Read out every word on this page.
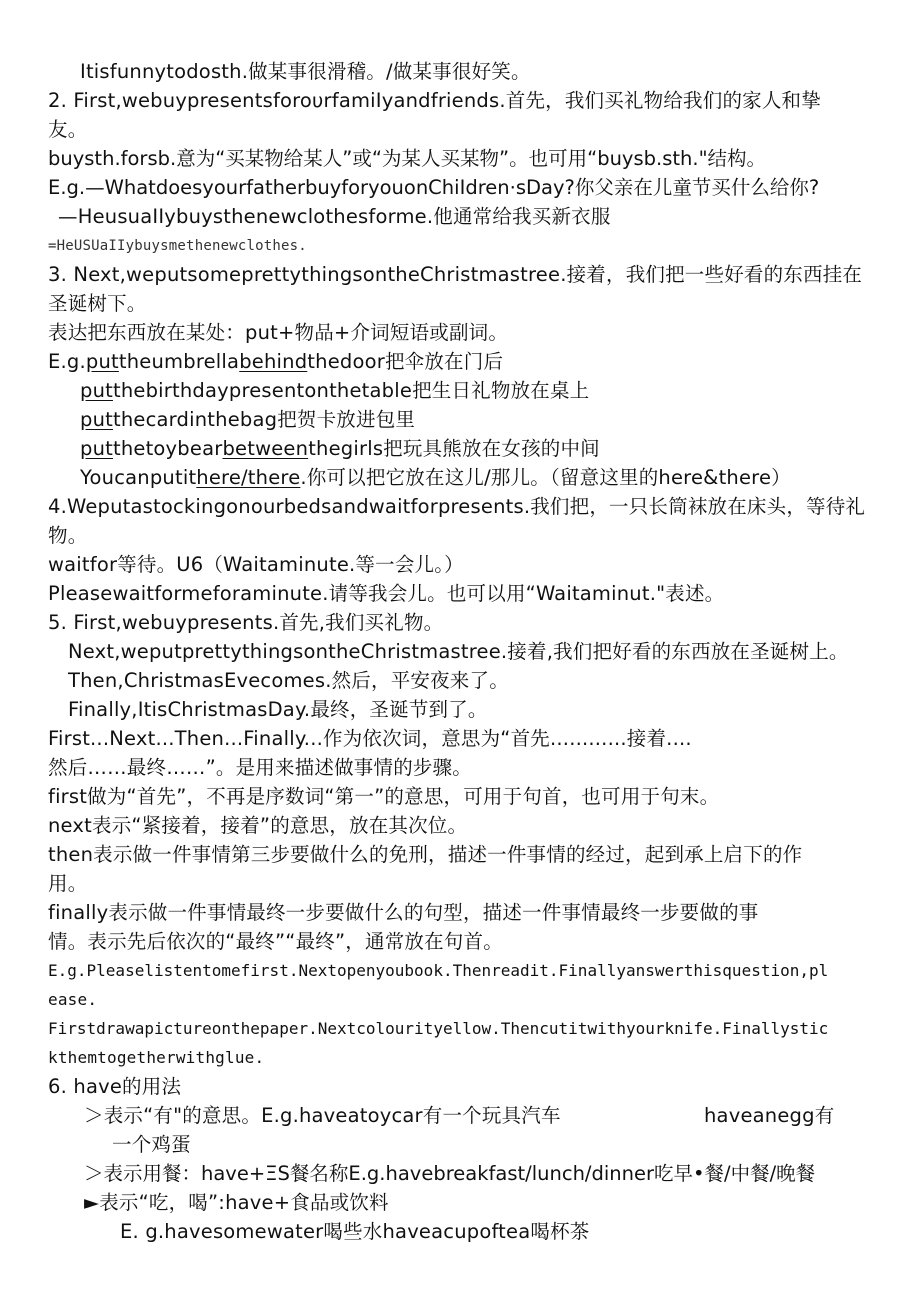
Itisfunnytodosth.做某事很滑稽。/做某事很好笑。
2. First,webuypresentsforoυrfamiIyandfriends.首先，我们买礼物给我们的家人和挚
友。
buysth.forsb.意为“买某物给某人”或“为某人买某物”。也可用“buysb.sth."结构。
E.g.—WhatdoesyourfatherbuyforyouonChiIdren·sDay?你父亲在儿童节买什么给你?
—HeusuaIIybuysthenewclothesforme.他通常给我买新衣服
=HeUSUaIIybuysmethenewclothes.
3. Next,weputsomeprettythingsontheChristmastree.接着，我们把一些好看的东西挂在
圣诞树下。
表达把东西放在某处：put+物品+介词短语或副词。
E.g.puttheumbrellabehindthedoor把伞放在门后
putthebirthdaypresentonthetable把生日礼物放在桌上
putthecardinthebag把贺卡放进包里
putthetoybearbetweenthegirls把玩具熊放在女孩的中间
Youcanputithere/there.你可以把它放在这儿/那儿。（留意这里的here&there）
4.Weputastockingonourbedsandwaitforpresents.我们把，一只长筒袜放在床头，等待礼
物。
waitfor等待。U6（Waitaminute.等一会儿。）
Pleasewaitformeforaminute.请等我会儿。也可以用“Waitaminut."表述。
5. First,webuypresents.首先,我们买礼物。
Next,weputprettythingsontheChristmastree.接着,我们把好看的东西放在圣诞树上。
Then,ChristmasEvecomes.然后，平安夜来了。
Finally,ItisChristmasDay.最终，圣诞节到了。
First...Next...Then...Finally...作为依次词，意思为“首先............接着....
然后……最终……”。是用来描述做事情的步骤。
first做为“首先”，不再是序数词“第一”的意思，可用于句首，也可用于句末。
next表示“紧接着，接着”的意思，放在其次位。
then表示做一件事情第三步要做什么的免刑，描述一件事情的经过，起到承上启下的作
用。
finally表示做一件事情最终一步要做什么的句型，描述一件事情最终一步要做的事
情。表示先后依次的“最终”“最终”，通常放在句首。
E.g.Pleaselistentomefirst.Nextopenyoubook.Thenreadit.Finallyanswerthisquestion,pl
ease.
Firstdrawapictureonthepaper.Nextcolourityellow.Thencutitwithyourknife.Finallystic
kthemtogetherwithglue.
6. have的用法
＞表示“有"的意思。E.g.haveatoycar有一个玩具汽车	haveanegg有
一个鸡蛋
＞表示用餐：have+ΞS餐名称E.g.havebreakfast/lunch/dinner吃早•餐/中餐/晚餐
►表示“吃，喝”:have+食品或饮料
E. g.havesomewater喝些水haveacupoftea喝杯茶
